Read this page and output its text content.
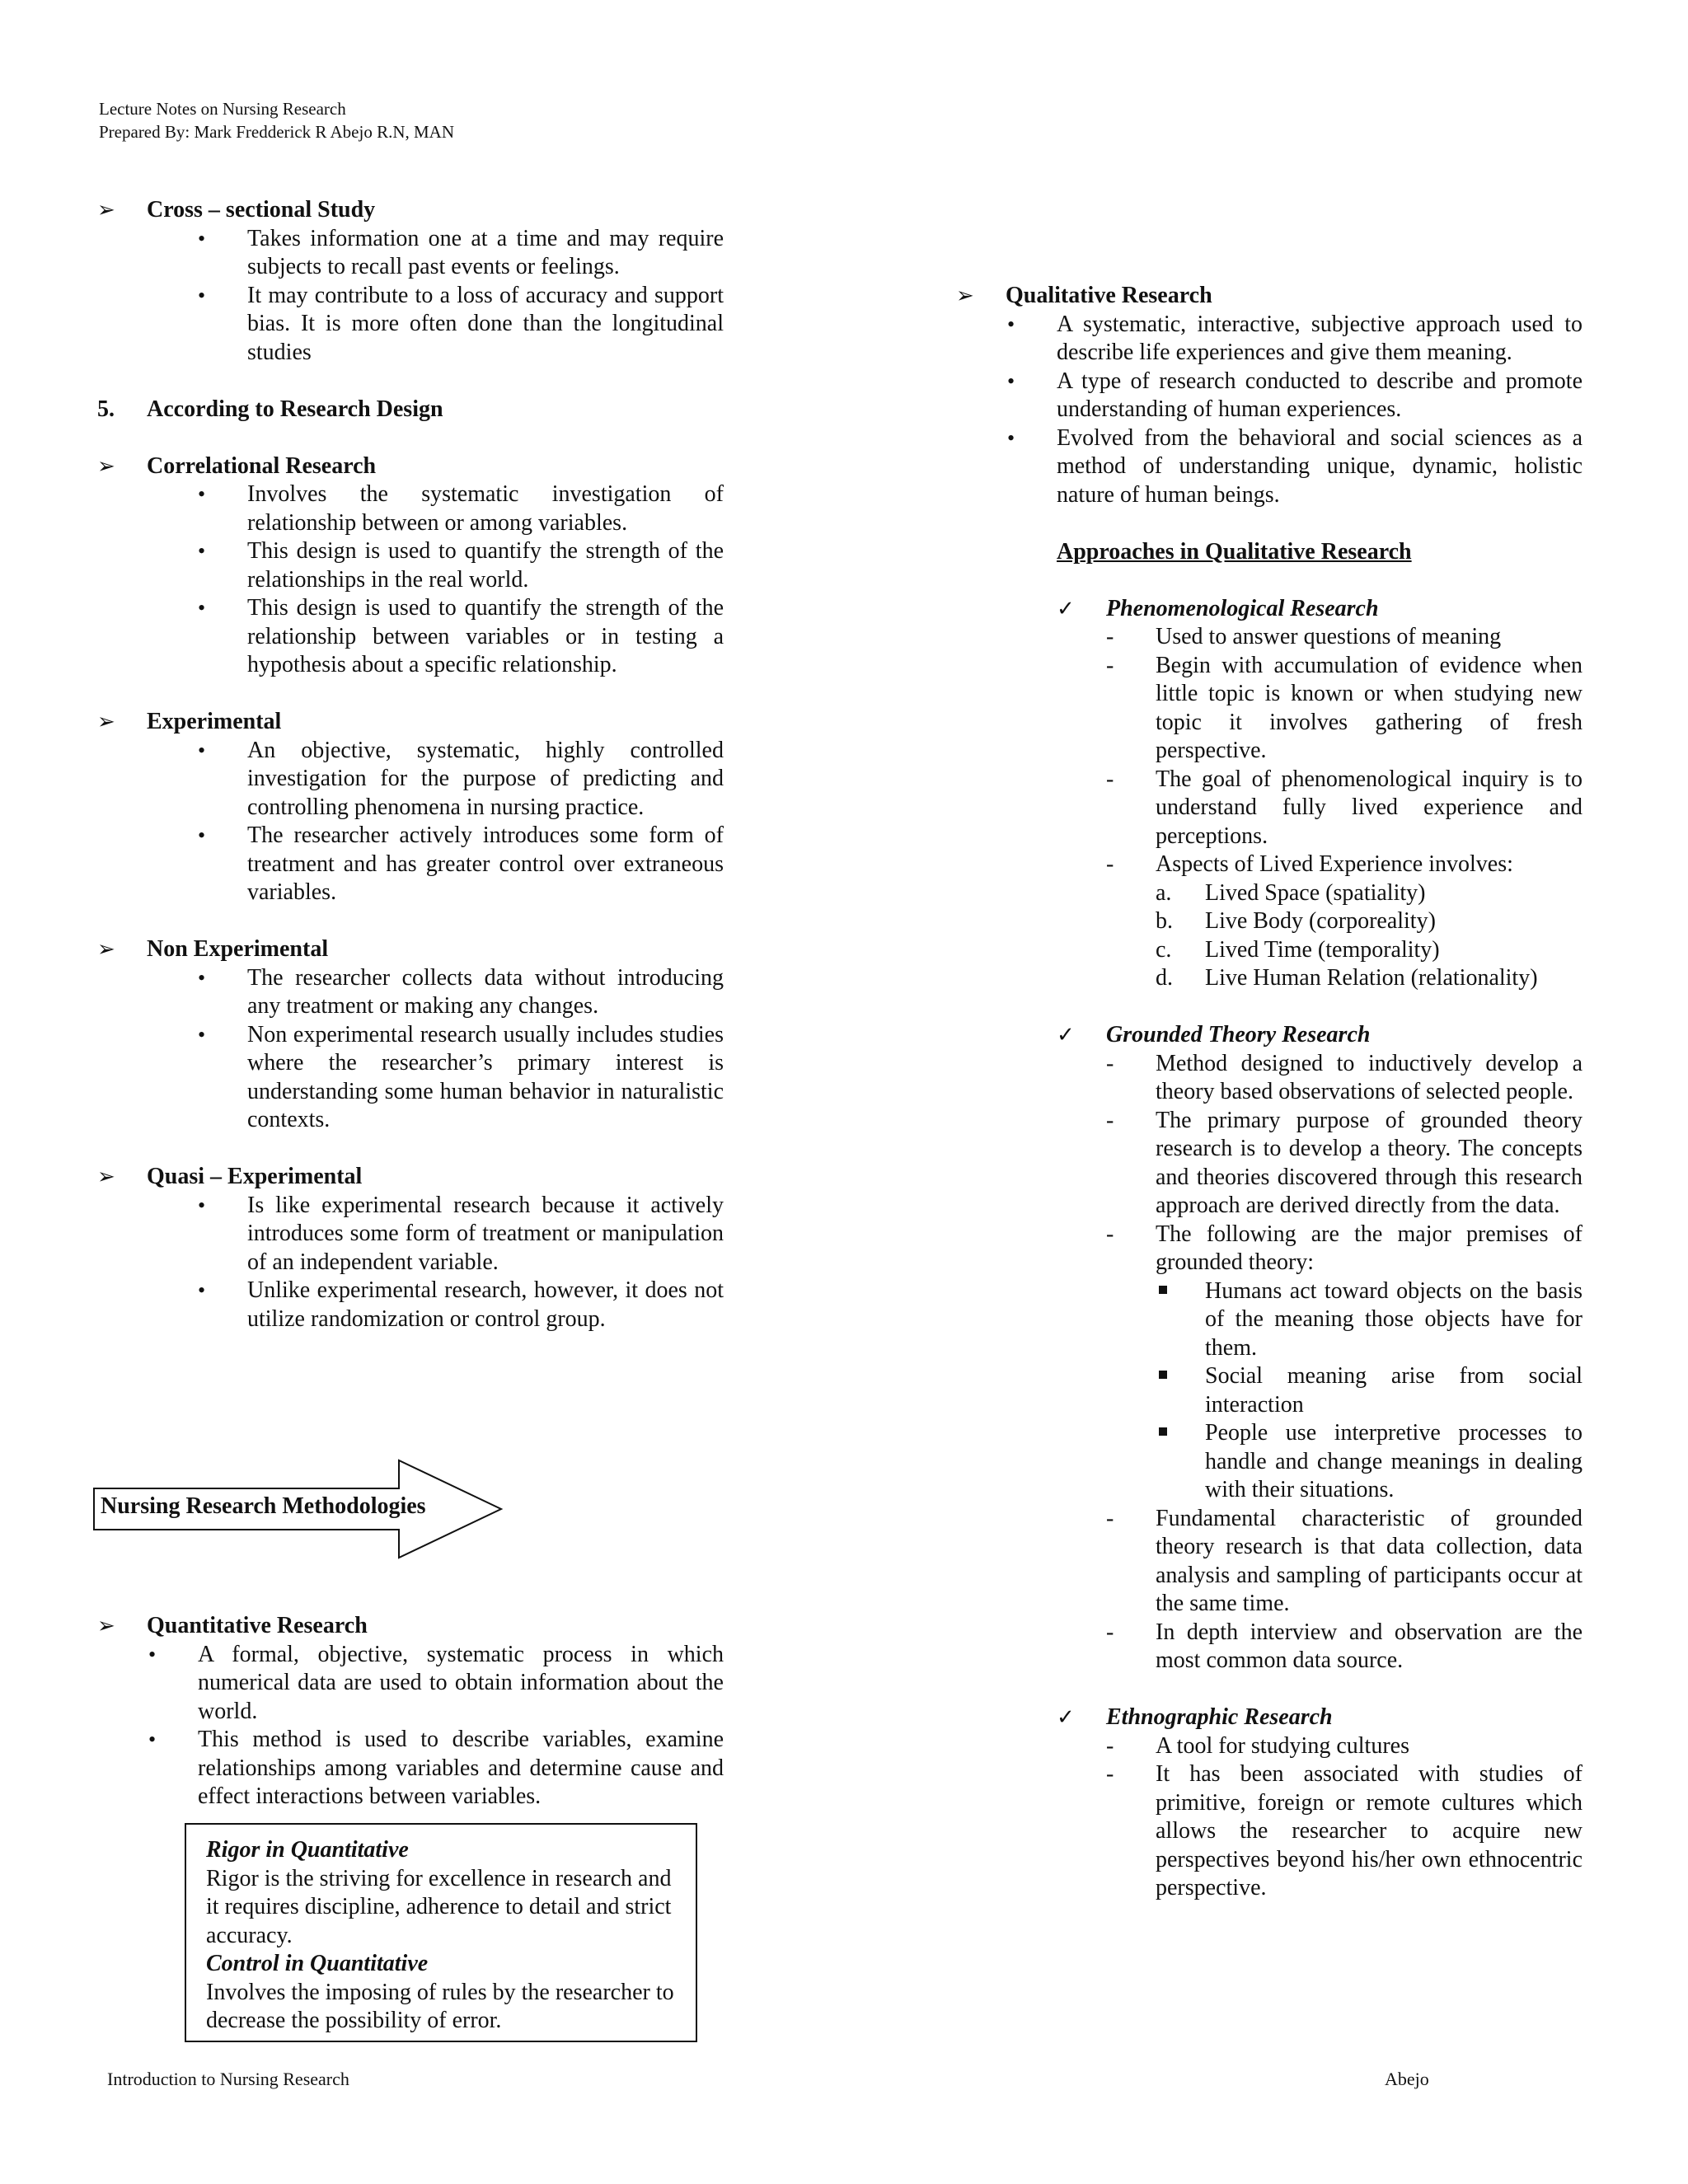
Lecture Notes on Nursing Research
Prepared By: Mark Fredderick R Abejo R.N, MAN
➢	Cross – sectional Study
• Takes information one at a time and may require subjects to recall past events or feelings.
• It may contribute to a loss of accuracy and support bias. It is more often done than the longitudinal studies
5.	According to Research Design
➢	Correlational Research
• Involves the systematic investigation of relationship between or among variables.
• This design is used to quantify the strength of the relationships in the real world.
• This design is used to quantify the strength of the relationship between variables or in testing a hypothesis about a specific relationship.
➢	Experimental
• An objective, systematic, highly controlled investigation for the purpose of predicting and controlling phenomena in nursing practice.
• The researcher actively introduces some form of treatment and has greater control over extraneous variables.
➢	Non Experimental
• The researcher collects data without introducing any treatment or making any changes.
• Non experimental research usually includes studies where the researcher’s primary interest is understanding some human behavior in naturalistic contexts.
➢	Quasi – Experimental
• Is like experimental research because it actively introduces some form of treatment or manipulation of an independent variable.
• Unlike experimental research, however, it does not utilize randomization or control group.
Nursing Research Methodologies
➢	Quantitative Research
• A formal, objective, systematic process in which numerical data are used to obtain information about the world.
• This method is used to describe variables, examine relationships among variables and determine cause and effect interactions between variables.
Rigor in Quantitative
Rigor is the striving for excellence in research and it requires discipline, adherence to detail and strict accuracy.
Control in Quantitative
Involves the imposing of rules by the researcher to decrease the possibility of error.
➢	Qualitative Research
• A systematic, interactive, subjective approach used to describe life experiences and give them meaning.
• A type of research conducted to describe and promote understanding of human experiences.
• Evolved from the behavioral and social sciences as a method of understanding unique, dynamic, holistic nature of human beings.
Approaches in Qualitative Research
✓	Phenomenological Research
- Used to answer questions of meaning
- Begin with accumulation of evidence when little topic is known or when studying new topic it involves gathering of fresh perspective.
- The goal of phenomenological inquiry is to understand fully lived experience and perceptions.
- Aspects of Lived Experience involves:
a. Lived Space (spatiality)
b. Live Body (corporeality)
c. Lived Time (temporality)
d. Live Human Relation (relationality)
✓	Grounded Theory Research
- Method designed to inductively develop a theory based observations of selected people.
- The primary purpose of grounded theory research is to develop a theory. The concepts and theories discovered through this research approach are derived directly from the data.
- The following are the major premises of grounded theory:
Humans act toward objects on the basis of the meaning those objects have for them.
Social meaning arise from social interaction
People use interpretive processes to handle and change meanings in dealing with their situations.
- Fundamental characteristic of grounded theory research is that data collection, data analysis and sampling of participants occur at the same time.
- In depth interview and observation are the most common data source.
✓	Ethnographic Research
- A tool for studying cultures
- It has been associated with studies of primitive, foreign or remote cultures which allows the researcher to acquire new perspectives beyond his/her own ethnocentric perspective.
Introduction to Nursing Research	Abejo
